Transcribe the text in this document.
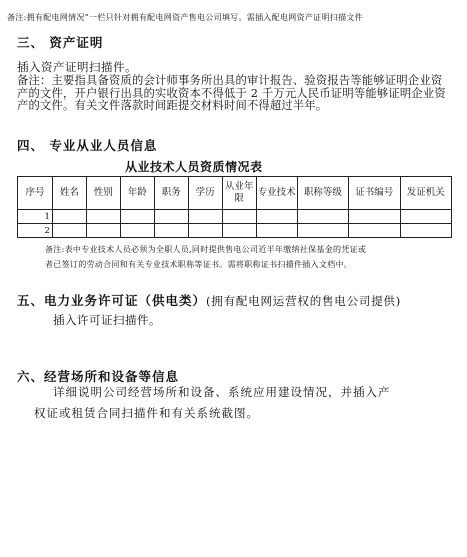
备注:拥有配电网情况”一栏只针对拥有配电网资产售电公司填写。需插入配电网资产证明扫描文件
三、 资产证明
插入资产证明扫描件。
备注：主要指具备资质的会计师事务所出具的审计报告、验资报告等能够证明企业资产的文件，开户银行出具的实收资本不得低于 2 千万元人民币证明等能够证明企业资产的文件。有关文件落款时间距提交材料时间不得超过半年。
四、 专业从业人员信息
从业技术人员资质情况表
序号	姓名	性别	年龄	职务	学历	从业年限	专业技术	职称等级	证书编号	发证机关
1										
2										
备注:表中专业技术人员必须为全职人员,同时提供售电公司近半年缴纳社保基金的凭证或
者已签订的劳动合同和有关专业技术职称等证书。需将职称证书扫描件插入文档中。
五、电力业务许可证（供电类）(拥有配电网运营权的售电公司提供)
插入许可证扫描件。
六、经营场所和设备等信息
详细说明公司经营场所和设备、系统应用建设情况，并插入产
权证或租赁合同扫描件和有关系统截图。
